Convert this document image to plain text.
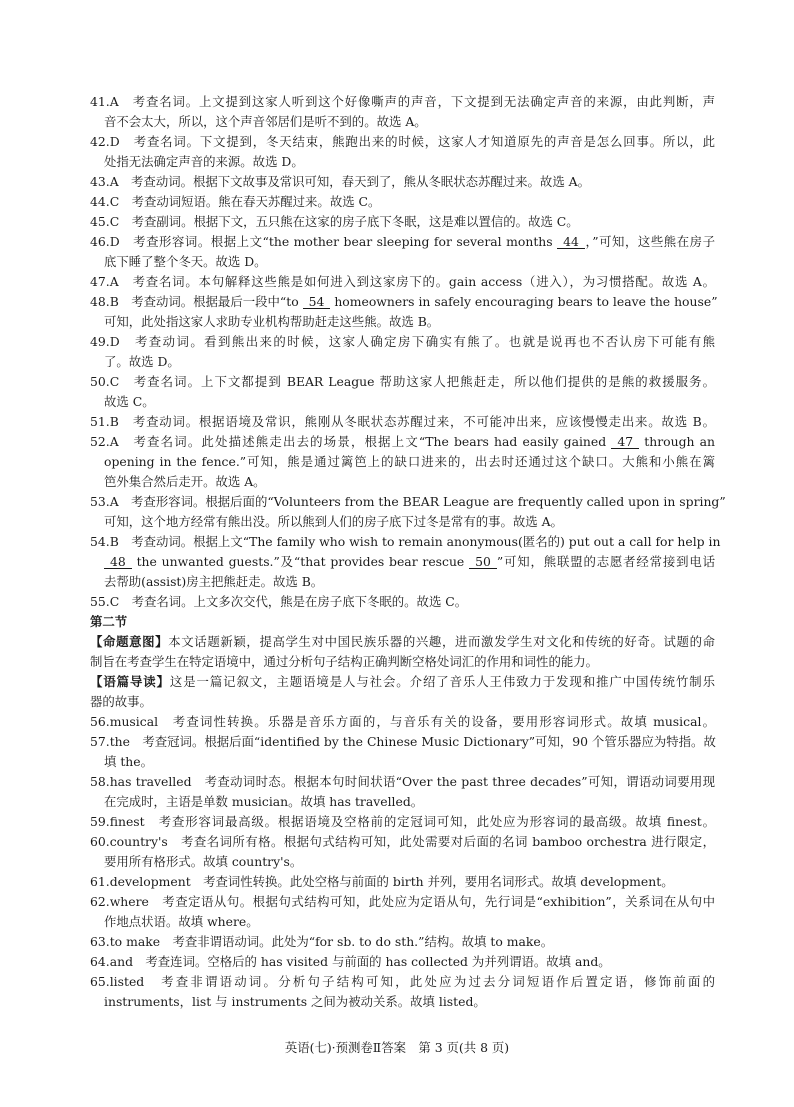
41.A　考查名词。上文提到这家人听到这个好像嘶声的声音，下文提到无法确定声音的来源，由此判断，声
音不会太大，所以，这个声音邻居们是听不到的。故选 A。
42.D　考查名词。下文提到，冬天结束，熊跑出来的时候，这家人才知道原先的声音是怎么回事。所以，此
处指无法确定声音的来源。故选 D。
43.A　考查动词。根据下文故事及常识可知，春天到了，熊从冬眠状态苏醒过来。故选 A。
44.C　考查动词短语。熊在春天苏醒过来。故选 C。
45.C　考查副词。根据下文，五只熊在这家的房子底下冬眠，这是难以置信的。故选 C。
46.D　考查形容词。根据上文“the mother bear sleeping for several months 44 ，”可知，这些熊在房子
底下睡了整个冬天。故选 D。
47.A　考查名词。本句解释这些熊是如何进入到这家房下的。gain access（进入），为习惯搭配。故选 A。
48.B　考查动词。根据最后一段中“to 54 homeowners in safely encouraging bears to leave the house”
可知，此处指这家人求助专业机构帮助赶走这些熊。故选 B。
49.D　考查动词。看到熊出来的时候，这家人确定房下确实有熊了。也就是说再也不否认房下可能有熊
了。故选 D。
50.C　考查名词。上下文都提到 BEAR League 帮助这家人把熊赶走，所以他们提供的是熊的救援服务。
故选 C。
51.B　考查动词。根据语境及常识，熊刚从冬眠状态苏醒过来，不可能冲出来，应该慢慢走出来。故选 B。
52.A　考查名词。此处描述熊走出去的场景，根据上文“The bears had easily gained 47 through an
opening in the fence.”可知，熊是通过篱笆上的缺口进来的，出去时还通过这个缺口。大熊和小熊在篱
笆外集合然后走开。故选 A。
53.A　考查形容词。根据后面的“Volunteers from the BEAR League are frequently called upon in spring”
可知，这个地方经常有熊出没。所以熊到人们的房子底下过冬是常有的事。故选 A。
54.B　考查动词。根据上文“The family who wish to remain anonymous(匿名的) put out a call for help in
48 the unwanted guests.”及“that provides bear rescue 50 ”可知，熊联盟的志愿者经常接到电话
去帮助(assist)房主把熊赶走。故选 B。
55.C　考查名词。上文多次交代，熊是在房子底下冬眠的。故选 C。
第二节
【命题意图】本文话题新颖，提高学生对中国民族乐器的兴趣，进而激发学生对文化和传统的好奇。试题的命
制旨在考查学生在特定语境中，通过分析句子结构正确判断空格处词汇的作用和词性的能力。
【语篇导读】这是一篇记叙文，主题语境是人与社会。介绍了音乐人王伟致力于发现和推广中国传统竹制乐
器的故事。
56.musical　考查词性转换。乐器是音乐方面的，与音乐有关的设备，要用形容词形式。故填 musical。
57.the　考查冠词。根据后面“identified by the Chinese Music Dictionary”可知，90 个管乐器应为特指。故
填 the。
58.has travelled　考查动词时态。根据本句时间状语“Over the past three decades”可知，谓语动词要用现
在完成时，主语是单数 musician。故填 has travelled。
59.finest　考查形容词最高级。根据语境及空格前的定冠词可知，此处应为形容词的最高级。故填 finest。
60.country's　考查名词所有格。根据句式结构可知，此处需要对后面的名词 bamboo orchestra 进行限定，
要用所有格形式。故填 country's。
61.development　考查词性转换。此处空格与前面的 birth 并列，要用名词形式。故填 development。
62.where　考查定语从句。根据句式结构可知，此处应为定语从句，先行词是“exhibition”，关系词在从句中
作地点状语。故填 where。
63.to make　考查非谓语动词。此处为“for sb. to do sth.”结构。故填 to make。
64.and　考查连词。空格后的 has visited 与前面的 has collected 为并列谓语。故填 and。
65.listed　考查非谓语动词。分析句子结构可知，此处应为过去分词短语作后置定语，修饰前面的
instruments，list 与 instruments 之间为被动关系。故填 listed。
英语(七)·预测卷Ⅱ答案　第 3 页(共 8 页)
